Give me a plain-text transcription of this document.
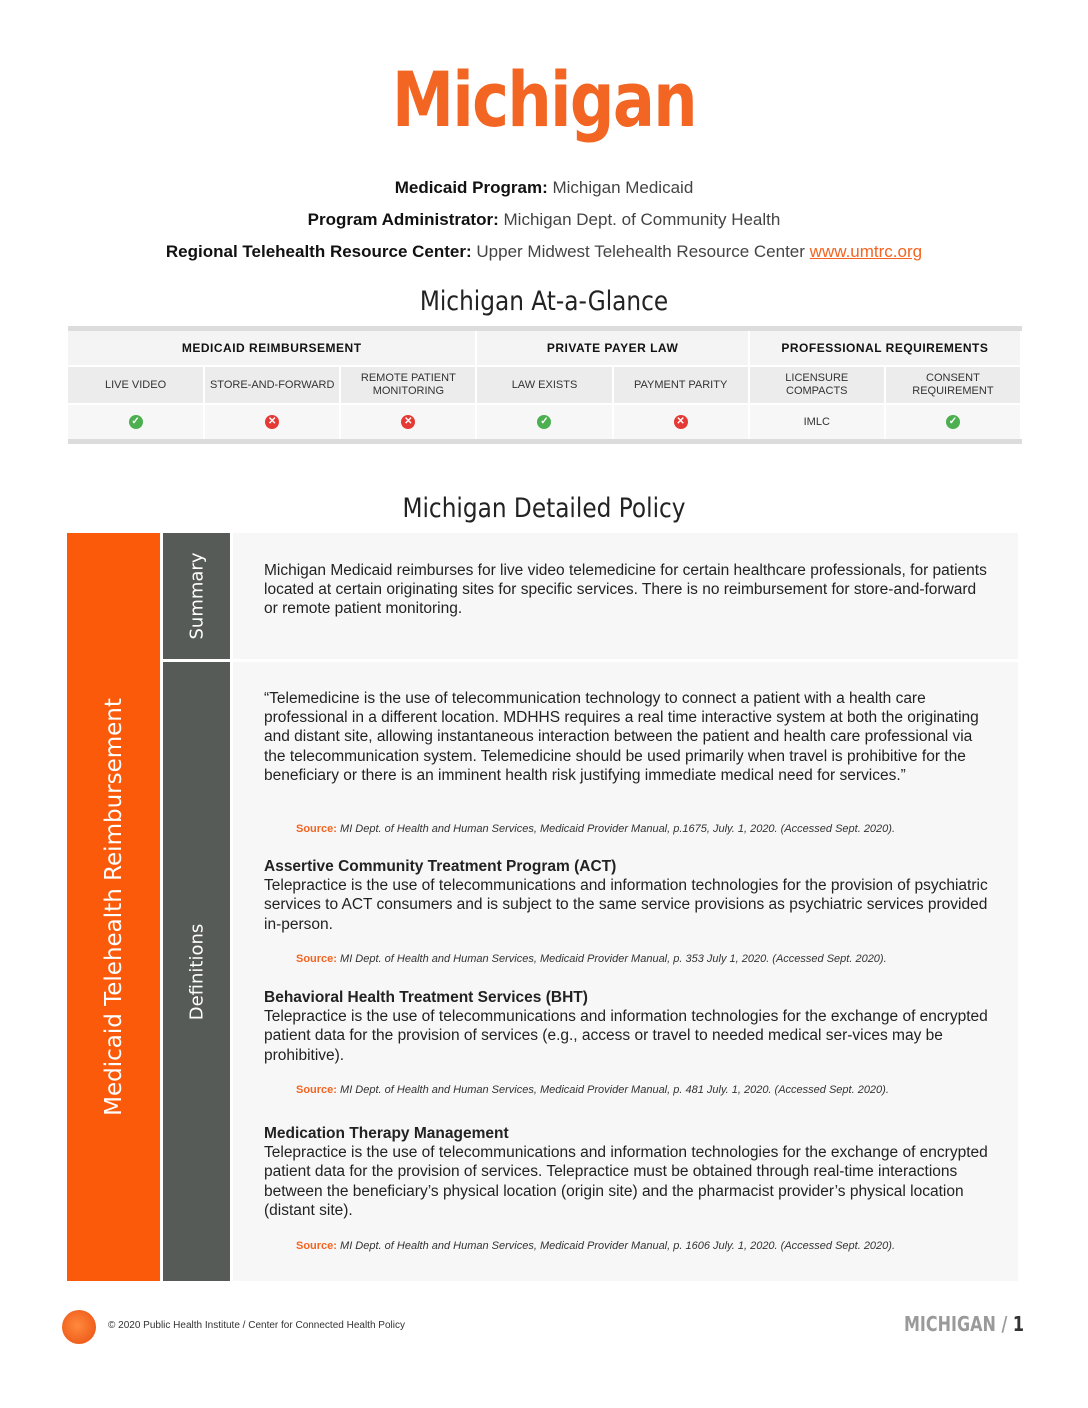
Michigan
Medicaid Program: Michigan Medicaid
Program Administrator: Michigan Dept. of Community Health
Regional Telehealth Resource Center: Upper Midwest Telehealth Resource Center www.umtrc.org
Michigan At-a-Glance
MEDICAID REIMBURSEMENT			PRIVATE PAYER LAW		PROFESSIONAL REQUIREMENTS	
LIVE VIDEO	STORE-AND-FORWARD	REMOTE PATIENT MONITORING	LAW EXISTS	PAYMENT PARITY	LICENSURE COMPACTS	CONSENT REQUIREMENT
✓	✕	✕	✓	✕	IMLC	✓
Michigan Detailed Policy
Medicaid Telehealth Reimbursement
Summary	Michigan Medicaid reimburses for live video telemedicine for certain healthcare professionals, for patients located at certain originating sites for specific services. There is no reimbursement for store-and-forward or remote patient monitoring.
Definitions
“Telemedicine is the use of telecommunication technology to connect a patient with a health care professional in a different location. MDHHS requires a real time interactive system at both the originating and distant site, allowing instantaneous interaction between the patient and health care professional via the telecommunication system. Telemedicine should be used primarily when travel is prohibitive for the beneficiary or there is an imminent health risk justifying immediate medical need for services.”
Source: MI Dept. of Health and Human Services, Medicaid Provider Manual, p.1675, July. 1, 2020. (Accessed Sept. 2020).
Assertive Community Treatment Program (ACT)
Telepractice is the use of telecommunications and information technologies for the provision of psychiatric services to ACT consumers and is subject to the same service provisions as psychiatric services provided in-person.
Source: MI Dept. of Health and Human Services, Medicaid Provider Manual, p. 353 July 1, 2020. (Accessed Sept. 2020).
Behavioral Health Treatment Services (BHT)
Telepractice is the use of telecommunications and information technologies for the exchange of encrypted patient data for the provision of services (e.g., access or travel to needed medical ser-vices may be prohibitive).
Source: MI Dept. of Health and Human Services, Medicaid Provider Manual, p. 481 July. 1, 2020. (Accessed Sept. 2020).
Medication Therapy Management
Telepractice is the use of telecommunications and information technologies for the exchange of encrypted patient data for the provision of services. Telepractice must be obtained through real-time interactions between the beneficiary’s physical location (origin site) and the pharmacist provider’s physical location (distant site).
Source: MI Dept. of Health and Human Services, Medicaid Provider Manual, p. 1606 July. 1, 2020. (Accessed Sept. 2020).
© 2020 Public Health Institute / Center for Connected Health Policy	MICHIGAN / 1
